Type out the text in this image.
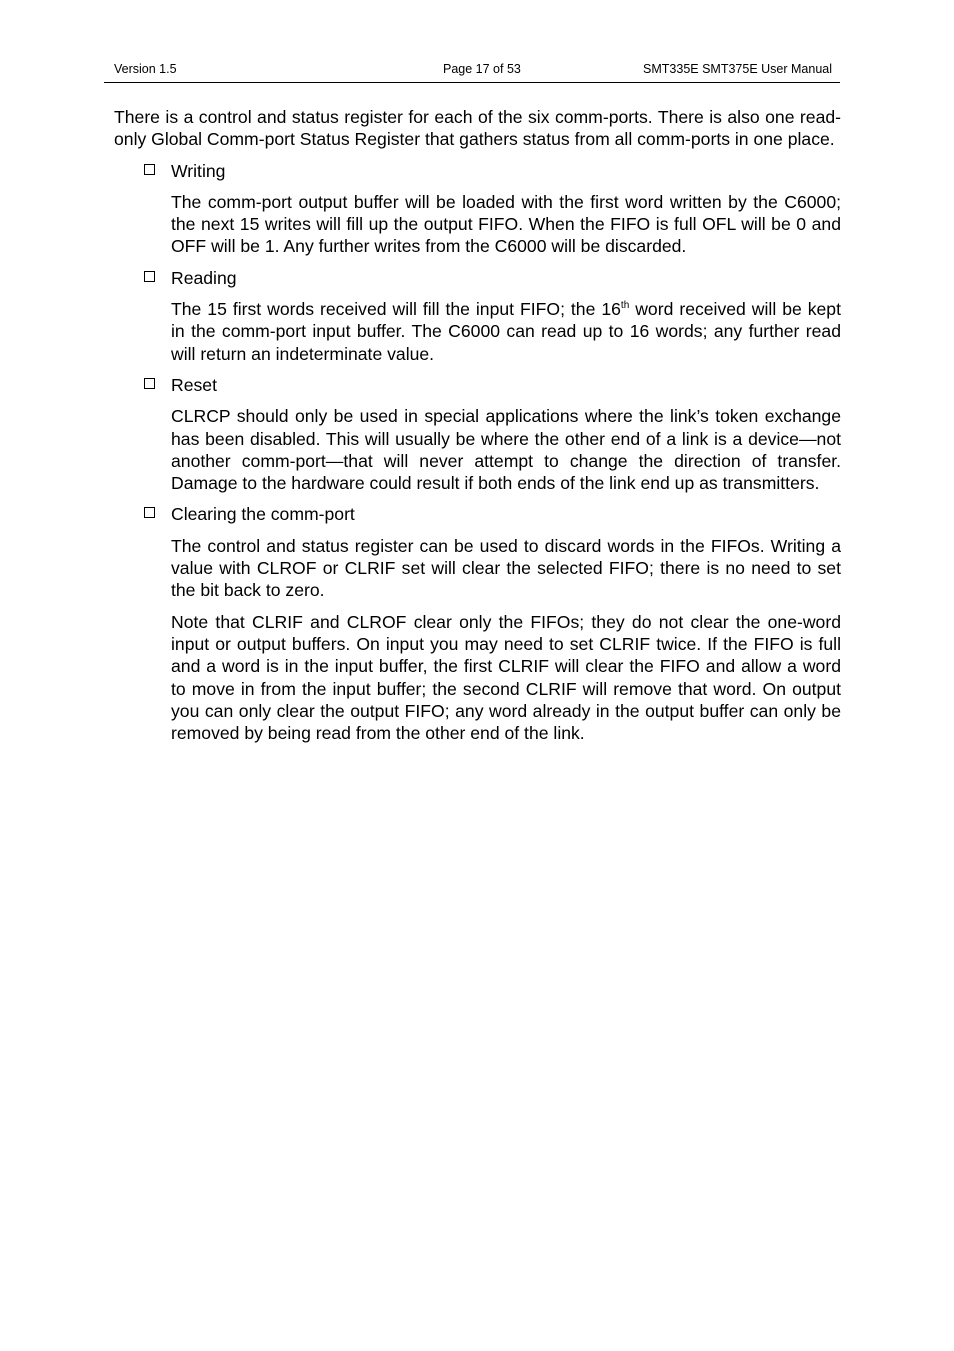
Version 1.5	Page 17 of 53	SMT335E SMT375E User Manual

There is a control and status register for each of the six comm-ports. There is also one read-only Global Comm-port Status Register that gathers status from all comm-ports in one place.

Writing

The comm-port output buffer will be loaded with the first word written by the C6000; the next 15 writes will fill up the output FIFO. When the FIFO is full OFL will be 0 and OFF will be 1. Any further writes from the C6000 will be discarded.

Reading

The 15 first words received will fill the input FIFO; the 16th word received will be kept in the comm-port input buffer. The C6000 can read up to 16 words; any further read will return an indeterminate value.

Reset

CLRCP should only be used in special applications where the link’s token exchange has been disabled. This will usually be where the other end of a link is a device—not another comm-port—that will never attempt to change the direction of transfer. Damage to the hardware could result if both ends of the link end up as transmitters.

Clearing the comm-port

The control and status register can be used to discard words in the FIFOs. Writing a value with CLROF or CLRIF set will clear the selected FIFO; there is no need to set the bit back to zero.

Note that CLRIF and CLROF clear only the FIFOs; they do not clear the one-word input or output buffers. On input you may need to set CLRIF twice. If the FIFO is full and a word is in the input buffer, the first CLRIF will clear the FIFO and allow a word to move in from the input buffer; the second CLRIF will remove that word. On output you can only clear the output FIFO; any word already in the output buffer can only be removed by being read from the other end of the link.
